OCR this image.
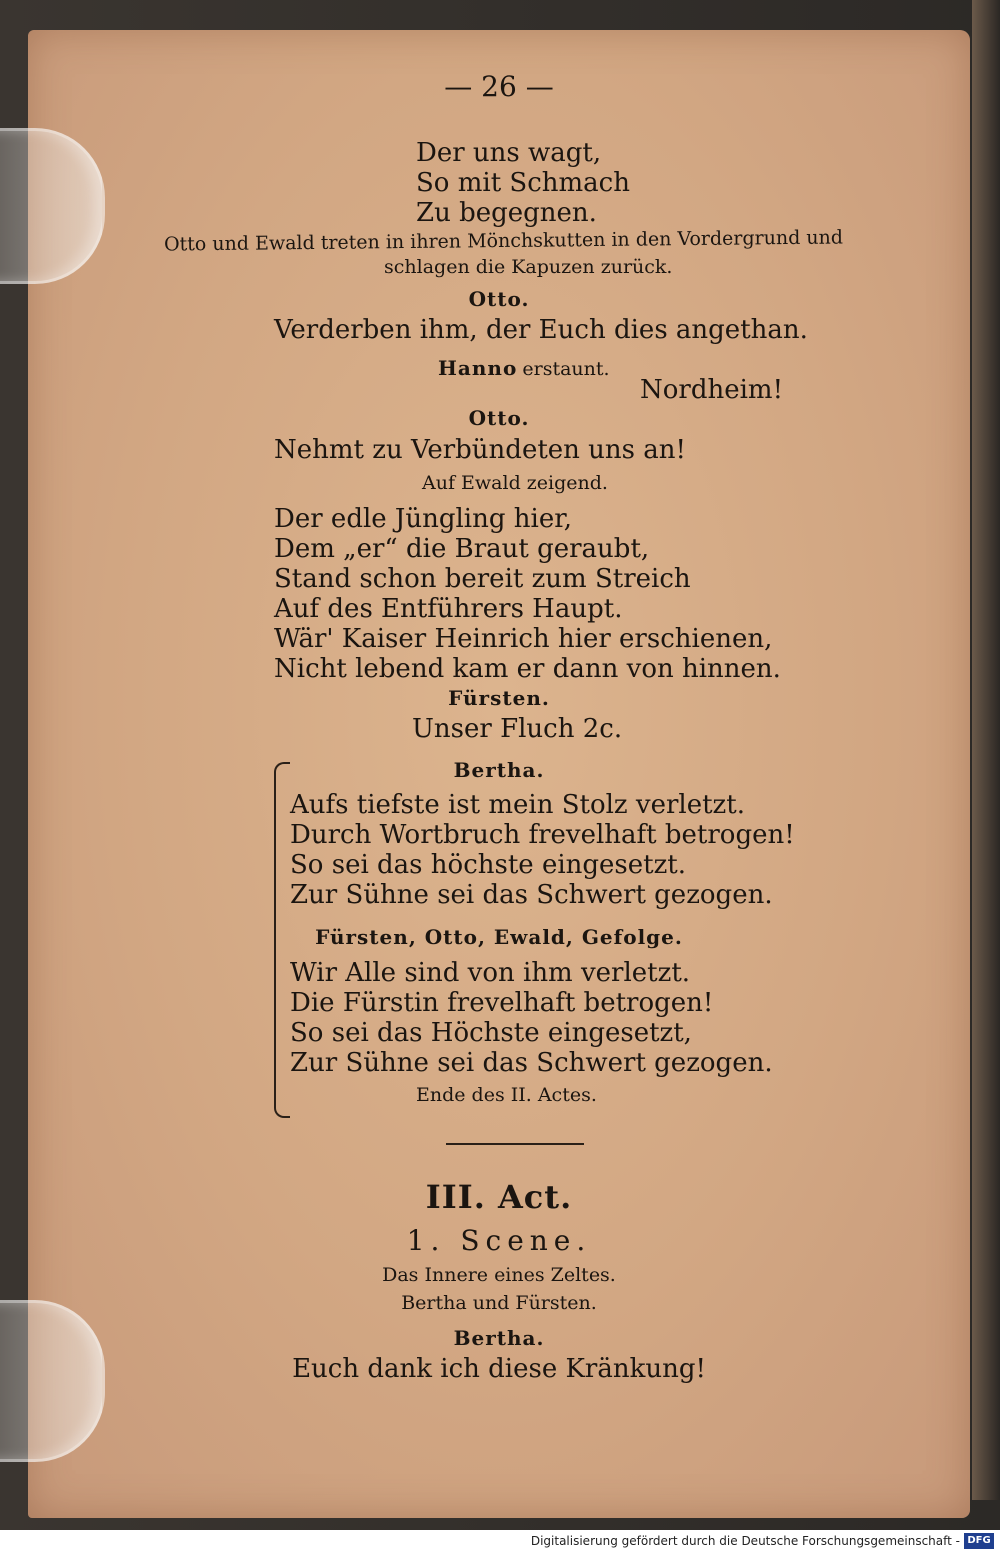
— 26 —
Der uns wagt,
So mit Schmach
Zu begegnen.
Otto und Ewald treten in ihren Mönchskutten in den Vordergrund und
schlagen die Kapuzen zurück.
Otto.
Verderben ihm, der Euch dies angethan.
Hanno erstaunt.
Nordheim!
Otto.
Nehmt zu Verbündeten uns an!
Auf Ewald zeigend.
Der edle Jüngling hier,
Dem „er“ die Braut geraubt,
Stand schon bereit zum Streich
Auf des Entführers Haupt.
Wär' Kaiser Heinrich hier erschienen,
Nicht lebend kam er dann von hinnen.
Fürsten.
Unser Fluch 2c.
Bertha.
Aufs tiefste ist mein Stolz verletzt.
Durch Wortbruch frevelhaft betrogen!
So sei das höchste eingesetzt.
Zur Sühne sei das Schwert gezogen.
Fürsten, Otto, Ewald, Gefolge.
Wir Alle sind von ihm verletzt.
Die Fürstin frevelhaft betrogen!
So sei das Höchste eingesetzt,
Zur Sühne sei das Schwert gezogen.
Ende des II. Actes.
III. Act.
1. Scene.
Das Innere eines Zeltes.
Bertha und Fürsten.
Bertha.
Euch dank ich diese Kränkung!
Digitalisierung gefördert durch die Deutsche Forschungsgemeinschaft - DFG
